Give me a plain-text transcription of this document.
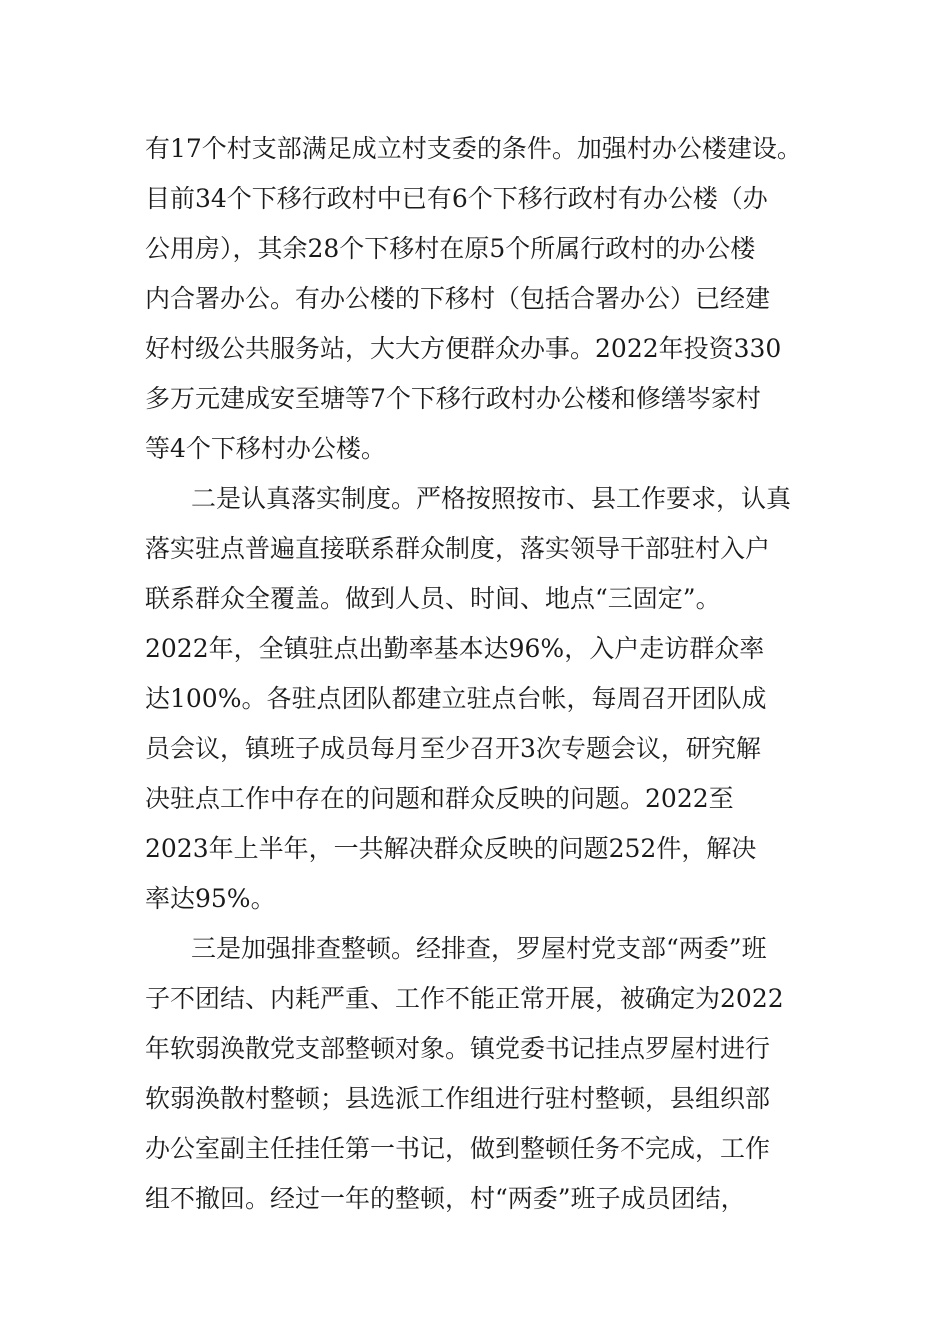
有17个村支部满足成立村支委的条件。加强村办公楼建设。
目前34个下移行政村中已有6个下移行政村有办公楼（办
公用房），其余28个下移村在原5个所属行政村的办公楼
内合署办公。有办公楼的下移村（包括合署办公）已经建
好村级公共服务站，大大方便群众办事。2022年投资330
多万元建成安至塘等7个下移行政村办公楼和修缮岑家村
等4个下移村办公楼。
二是认真落实制度。严格按照按市、县工作要求，认真
落实驻点普遍直接联系群众制度，落实领导干部驻村入户
联系群众全覆盖。做到人员、时间、地点“三固定”。
2022年，全镇驻点出勤率基本达96%，入户走访群众率
达100%。各驻点团队都建立驻点台帐，每周召开团队成
员会议，镇班子成员每月至少召开3次专题会议，研究解
决驻点工作中存在的问题和群众反映的问题。2022至
2023年上半年，一共解决群众反映的问题252件，解决
率达95%。
三是加强排查整顿。经排查，罗屋村党支部“两委”班
子不团结、内耗严重、工作不能正常开展，被确定为2022
年软弱涣散党支部整顿对象。镇党委书记挂点罗屋村进行
软弱涣散村整顿；县选派工作组进行驻村整顿，县组织部
办公室副主任挂任第一书记，做到整顿任务不完成，工作
组不撤回。经过一年的整顿，村“两委”班子成员团结，
